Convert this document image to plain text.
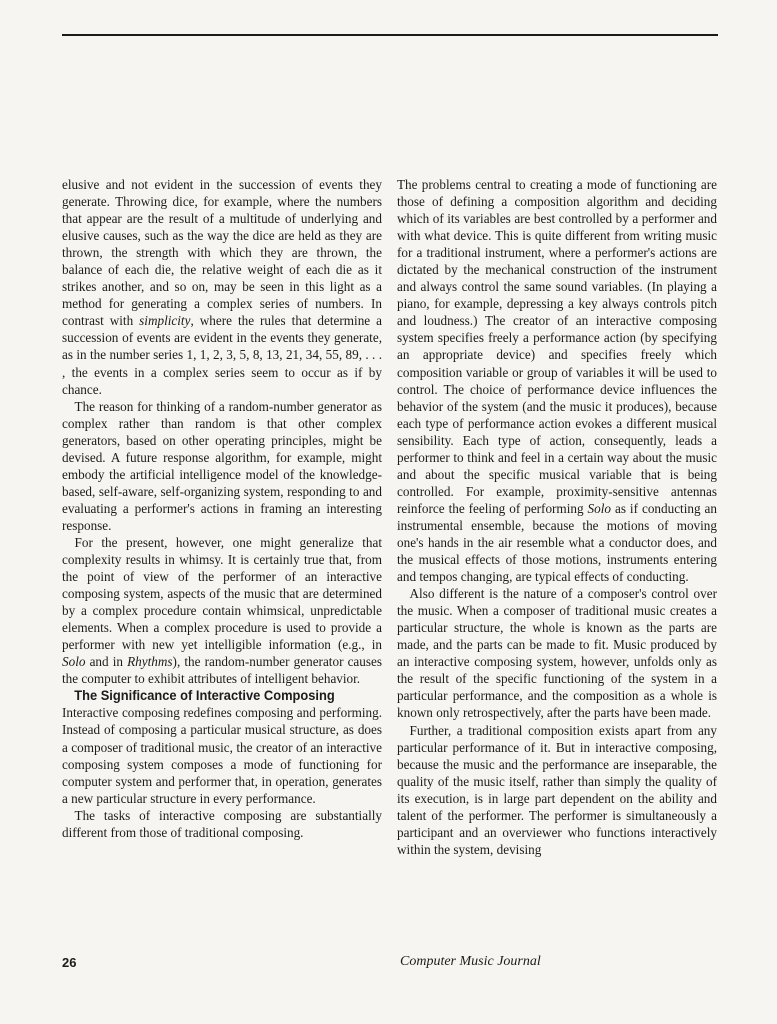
elusive and not evident in the succession of events they generate. Throwing dice, for example, where the numbers that appear are the result of a multitude of underlying and elusive causes, such as the way the dice are held as they are thrown, the strength with which they are thrown, the balance of each die, the relative weight of each die as it strikes another, and so on, may be seen in this light as a method for generating a complex series of numbers. In contrast with simplicity, where the rules that determine a succession of events are evident in the events they generate, as in the number series 1, 1, 2, 3, 5, 8, 13, 21, 34, 55, 89, . . . , the events in a complex series seem to occur as if by chance.

The reason for thinking of a random-number generator as complex rather than random is that other complex generators, based on other operating principles, might be devised. A future response algorithm, for example, might embody the artificial intelligence model of the knowledge-based, self-aware, self-organizing system, responding to and evaluating a performer's actions in framing an interesting response.

For the present, however, one might generalize that complexity results in whimsy. It is certainly true that, from the point of view of the performer of an interactive composing system, aspects of the music that are determined by a complex procedure contain whimsical, unpredictable elements. When a complex procedure is used to provide a performer with new yet intelligible information (e.g., in Solo and in Rhythms), the random-number generator causes the computer to exhibit attributes of intelligent behavior.

The Significance of Interactive Composing

Interactive composing redefines composing and performing. Instead of composing a particular musical structure, as does a composer of traditional music, the creator of an interactive composing system composes a mode of functioning for computer system and performer that, in operation, generates a new particular structure in every performance.

The tasks of interactive composing are substantially different from those of traditional composing.

The problems central to creating a mode of functioning are those of defining a composition algorithm and deciding which of its variables are best controlled by a performer and with what device. This is quite different from writing music for a traditional instrument, where a performer's actions are dictated by the mechanical construction of the instrument and always control the same sound variables. (In playing a piano, for example, depressing a key always controls pitch and loudness.) The creator of an interactive composing system specifies freely a performance action (by specifying an appropriate device) and specifies freely which composition variable or group of variables it will be used to control. The choice of performance device influences the behavior of the system (and the music it produces), because each type of performance action evokes a different musical sensibility. Each type of action, consequently, leads a performer to think and feel in a certain way about the music and about the specific musical variable that is being controlled. For example, proximity-sensitive antennas reinforce the feeling of performing Solo as if conducting an instrumental ensemble, because the motions of moving one's hands in the air resemble what a conductor does, and the musical effects of those motions, instruments entering and tempos changing, are typical effects of conducting.

Also different is the nature of a composer's control over the music. When a composer of traditional music creates a particular structure, the whole is known as the parts are made, and the parts can be made to fit. Music produced by an interactive composing system, however, unfolds only as the result of the specific functioning of the system in a particular performance, and the composition as a whole is known only retrospectively, after the parts have been made.

Further, a traditional composition exists apart from any particular performance of it. But in interactive composing, because the music and the performance are inseparable, the quality of the music itself, rather than simply the quality of its execution, is in large part dependent on the ability and talent of the performer. The performer is simultaneously a participant and an overviewer who functions interactively within the system, devising

26	Computer Music Journal
